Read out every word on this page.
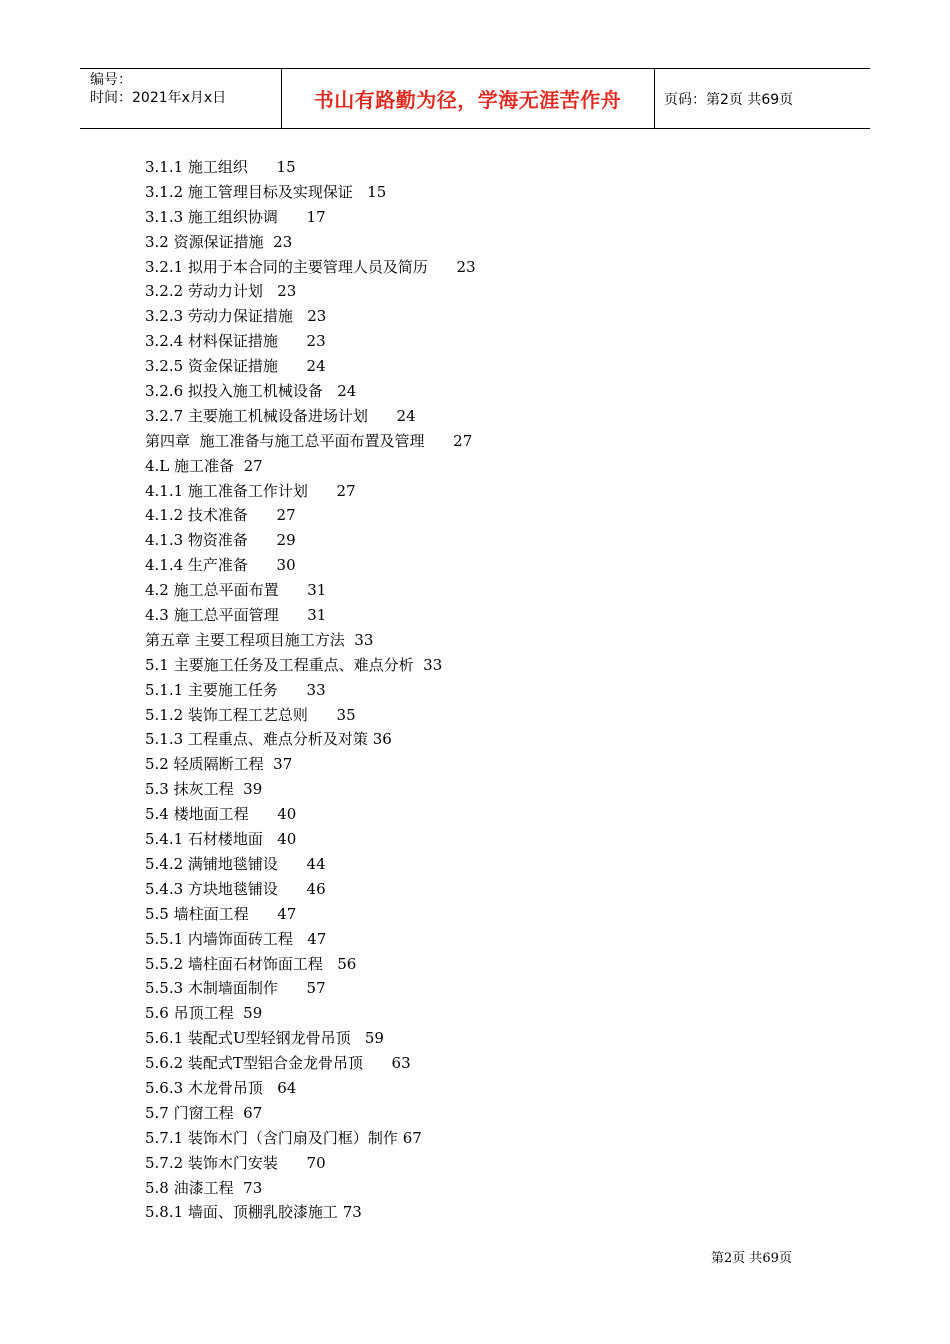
编号：
时间：2021年x月x日	书山有路勤为径，学海无涯苦作舟	页码：第2页 共69页
3.1.1 施工组织      15
3.1.2 施工管理目标及实现保证   15
3.1.3 施工组织协调      17
3.2 资源保证措施  23
3.2.1 拟用于本合同的主要管理人员及简历      23
3.2.2 劳动力计划   23
3.2.3 劳动力保证措施   23
3.2.4 材料保证措施      23
3.2.5 资金保证措施      24
3.2.6 拟投入施工机械设备   24
3.2.7 主要施工机械设备进场计划      24
第四章  施工准备与施工总平面布置及管理      27
4.L 施工准备  27
4.1.1 施工准备工作计划      27
4.1.2 技术准备      27
4.1.3 物资准备      29
4.1.4 生产准备      30
4.2 施工总平面布置      31
4.3 施工总平面管理      31
第五章 主要工程项目施工方法  33
5.1 主要施工任务及工程重点、难点分析  33
5.1.1 主要施工任务      33
5.1.2 装饰工程工艺总则      35
5.1.3 工程重点、难点分析及对策 36
5.2 轻质隔断工程  37
5.3 抹灰工程  39
5.4 楼地面工程      40
5.4.1 石材楼地面   40
5.4.2 满铺地毯铺设      44
5.4.3 方块地毯铺设      46
5.5 墙柱面工程      47
5.5.1 内墙饰面砖工程   47
5.5.2 墙柱面石材饰面工程   56
5.5.3 木制墙面制作      57
5.6 吊顶工程  59
5.6.1 装配式U型轻钢龙骨吊顶   59
5.6.2 装配式T型铝合金龙骨吊顶      63
5.6.3 木龙骨吊顶   64
5.7 门窗工程  67
5.7.1 装饰木门（含门扇及门框）制作 67
5.7.2 装饰木门安装      70
5.8 油漆工程  73
5.8.1 墙面、顶棚乳胶漆施工 73
第2页 共69页
